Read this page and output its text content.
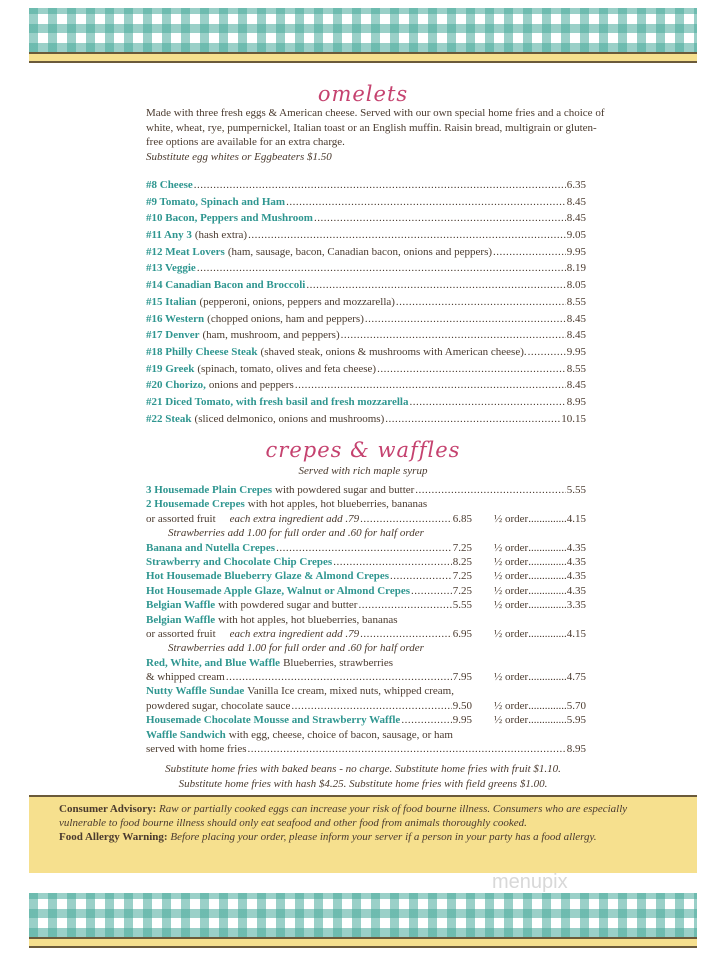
omelets
Made with three fresh eggs & American cheese. Served with our own special home fries and a choice of white, wheat, rye, pumpernickel, Italian toast or an English muffin. Raisin bread, multigrain or gluten-free options are available for an extra charge.
Substitute egg whites or Eggbeaters $1.50
#8 Cheese .....	6.35
#9 Tomato, Spinach and Ham .....	8.45
#10 Bacon, Peppers and Mushroom .....	8.45
#11 Any 3 (hash extra) .....	9.05
#12 Meat Lovers (ham, sausage, bacon, Canadian bacon, onions and peppers) .....	9.95
#13 Veggie .....	8.19
#14 Canadian Bacon and Broccoli .....	8.05
#15 Italian (pepperoni, onions, peppers and mozzarella) .....	8.55
#16 Western (chopped onions, ham and peppers) .....	8.45
#17 Denver (ham, mushroom, and peppers) .....	8.45
#18 Philly Cheese Steak (shaved steak, onions & mushrooms with American cheese). .....	9.95
#19 Greek (spinach, tomato, olives and feta cheese) .....	8.55
#20 Chorizo, onions and peppers .....	8.45
#21 Diced Tomato, with fresh basil and fresh mozzarella .....	8.95
#22 Steak (sliced delmonico, onions and mushrooms) .....	10.15
crepes & waffles
Served with rich maple syrup
3 Housemade Plain Crepes with powdered sugar and butter .....	5.55
2 Housemade Crepes with hot apples, hot blueberries, bananas
or assorted fruit each extra ingredient add .79 .....	6.85 ½ order .....	4.15
Strawberries add 1.00 for full order and .60 for half order
Banana and Nutella Crepes .....	7.25 ½ order .....	4.35
Strawberry and Chocolate Chip Crepes .....	8.25 ½ order .....	4.35
Hot Housemade Blueberry Glaze & Almond Crepes .....	7.25 ½ order .....	4.35
Hot Housemade Apple Glaze, Walnut or Almond Crepes .....	7.25 ½ order .....	4.35
Belgian Waffle with powdered sugar and butter .....	5.55 ½ order .....	3.35
Belgian Waffle with hot apples, hot blueberries, bananas
or assorted fruit each extra ingredient add .79 .....	6.95 ½ order .....	4.15
Strawberries add 1.00 for full order and .60 for half order
Red, White, and Blue Waffle Blueberries, strawberries
& whipped cream .....	7.95 ½ order .....	4.75
Nutty Waffle Sundae Vanilla Ice cream, mixed nuts, whipped cream,
powdered sugar, chocolate sauce .....	9.50 ½ order .....	5.70
Housemade Chocolate Mousse and Strawberry Waffle .....	9.95 ½ order .....	5.95
Waffle Sandwich with egg, cheese, choice of bacon, sausage, or ham
served with home fries .....	8.95
Substitute home fries with baked beans - no charge. Substitute home fries with fruit $1.10.
Substitute home fries with hash $4.25. Substitute home fries with field greens $1.00.
Consumer Advisory: Raw or partially cooked eggs can increase your risk of food bourne illness. Consumers who are especially vulnerable to food bourne illness should only eat seafood and other food from animals thoroughly cooked.
Food Allergy Warning: Before placing your order, please inform your server if a person in your party has a food allergy.
menupix
